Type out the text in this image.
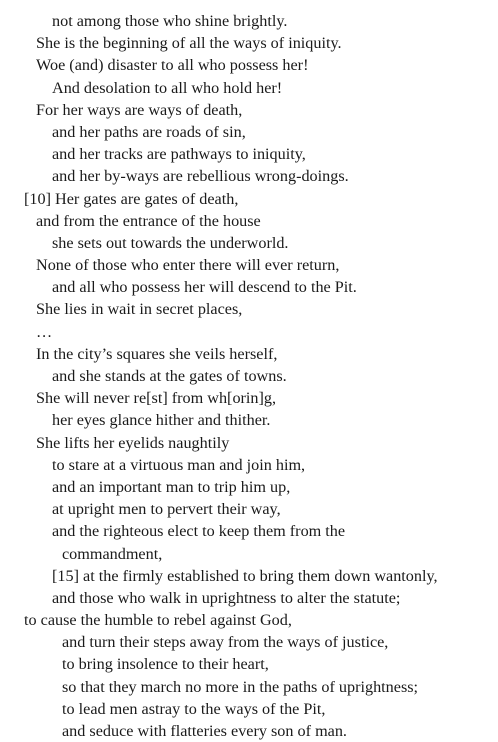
not among those who shine brightly.
She is the beginning of all the ways of iniquity.
Woe (and) disaster to all who possess her!
And desolation to all who hold her!
For her ways are ways of death,
and her paths are roads of sin,
and her tracks are pathways to iniquity,
and her by-ways are rebellious wrong-doings.
[10] Her gates are gates of death,
and from the entrance of the house
she sets out towards the underworld.
None of those who enter there will ever return,
and all who possess her will descend to the Pit.
She lies in wait in secret places,
…
In the city’s squares she veils herself,
and she stands at the gates of towns.
She will never re[st] from wh[orin]g,
her eyes glance hither and thither.
She lifts her eyelids naughtily
to stare at a virtuous man and join him,
and an important man to trip him up,
at upright men to pervert their way,
and the righteous elect to keep them from the
commandment,
[15] at the firmly established to bring them down wantonly,
and those who walk in uprightness to alter the statute;
to cause the humble to rebel against God,
and turn their steps away from the ways of justice,
to bring insolence to their heart,
so that they march no more in the paths of uprightness;
to lead men astray to the ways of the Pit,
and seduce with flatteries every son of man.
